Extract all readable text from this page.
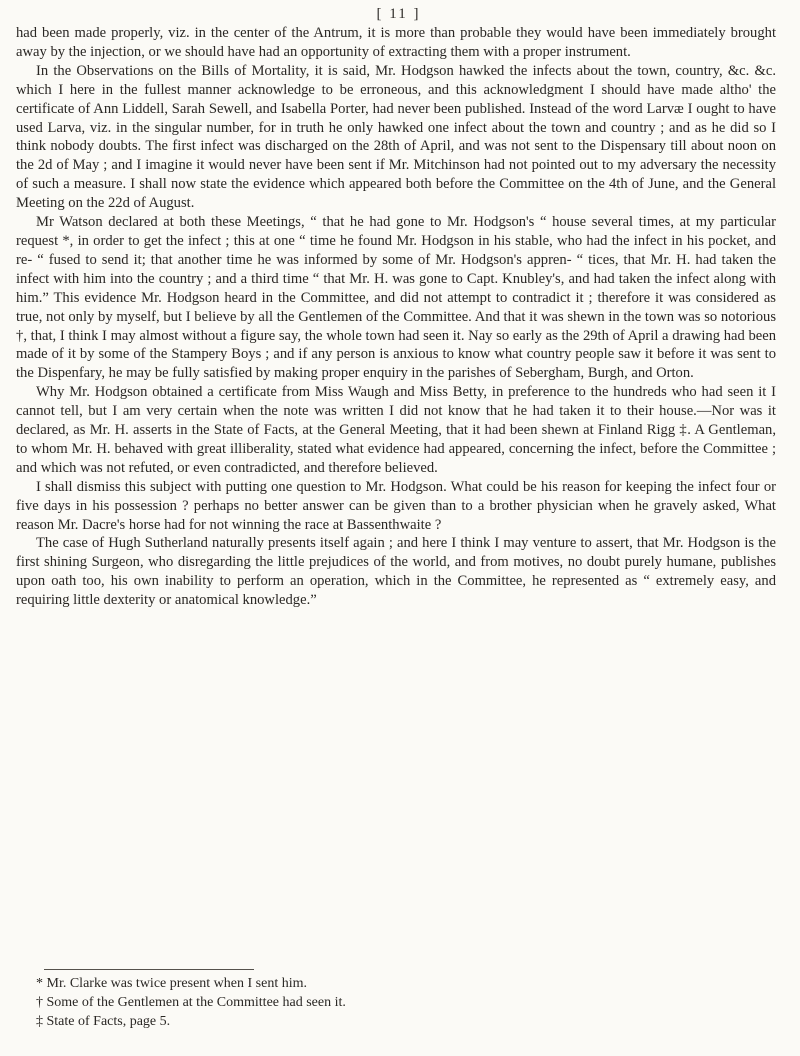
[ 11 ]

had been made properly, viz. in the center of the Antrum, it is more than probable they would have been immediately brought away by the injection, or we should have had an opportunity of extracting them with a proper instrument.

In the Observations on the Bills of Mortality, it is said, Mr. Hodgson hawked the infects about the town, country, &c. &c. which I here in the fullest manner acknowledge to be erroneous, and this acknowledgment I should have made altho' the certificate of Ann Liddell, Sarah Sewell, and Isabella Porter, had never been published. Instead of the word Larvæ I ought to have used Larva, viz. in the singular number, for in truth he only hawked one infect about the town and country ; and as he did so I think nobody doubts. The first infect was discharged on the 28th of April, and was not sent to the Dispensary till about noon on the 2d of May ; and I imagine it would never have been sent if Mr. Mitchinson had not pointed out to my adversary the necessity of such a measure. I shall now state the evidence which appeared both before the Committee on the 4th of June, and the General Meeting on the 22d of August.

Mr Watson declared at both these Meetings, “ that he had gone to Mr. Hodgson's “ house several times, at my particular request *, in order to get the infect ; this at one “ time he found Mr. Hodgson in his stable, who had the infect in his pocket, and re- “ fused to send it; that another time he was informed by some of Mr. Hodgson's appren- “ tices, that Mr. H. had taken the infect with him into the country ; and a third time “ that Mr. H. was gone to Capt. Knubley's, and had taken the infect along with him.” This evidence Mr. Hodgson heard in the Committee, and did not attempt to contradict it ; therefore it was considered as true, not only by myself, but I believe by all the Gentlemen of the Committee. And that it was shewn in the town was so notorious †, that, I think I may almost without a figure say, the whole town had seen it. Nay so early as the 29th of April a drawing had been made of it by some of the Stampery Boys ; and if any person is anxious to know what country people saw it before it was sent to the Dispenfary, he may be fully satisfied by making proper enquiry in the parishes of Sebergham, Burgh, and Orton.

Why Mr. Hodgson obtained a certificate from Miss Waugh and Miss Betty, in preference to the hundreds who had seen it I cannot tell, but I am very certain when the note was written I did not know that he had taken it to their house.—Nor was it declared, as Mr. H. asserts in the State of Facts, at the General Meeting, that it had been shewn at Finland Rigg ‡. A Gentleman, to whom Mr. H. behaved with great illiberality, stated what evidence had appeared, concerning the infect, before the Committee ; and which was not refuted, or even contradicted, and therefore believed.

I shall dismiss this subject with putting one question to Mr. Hodgson. What could be his reason for keeping the infect four or five days in his possession ? perhaps no better answer can be given than to a brother physician when he gravely asked, What reason Mr. Dacre's horse had for not winning the race at Bassenthwaite ?

The case of Hugh Sutherland naturally presents itself again ; and here I think I may venture to assert, that Mr. Hodgson is the first shining Surgeon, who disregarding the little prejudices of the world, and from motives, no doubt purely humane, publishes upon oath too, his own inability to perform an operation, which in the Committee, he represented as “ extremely easy, and requiring little dexterity or anatomical knowledge.”

* Mr. Clarke was twice present when I sent him.
† Some of the Gentlemen at the Committee had seen it.
‡ State of Facts, page 5.
